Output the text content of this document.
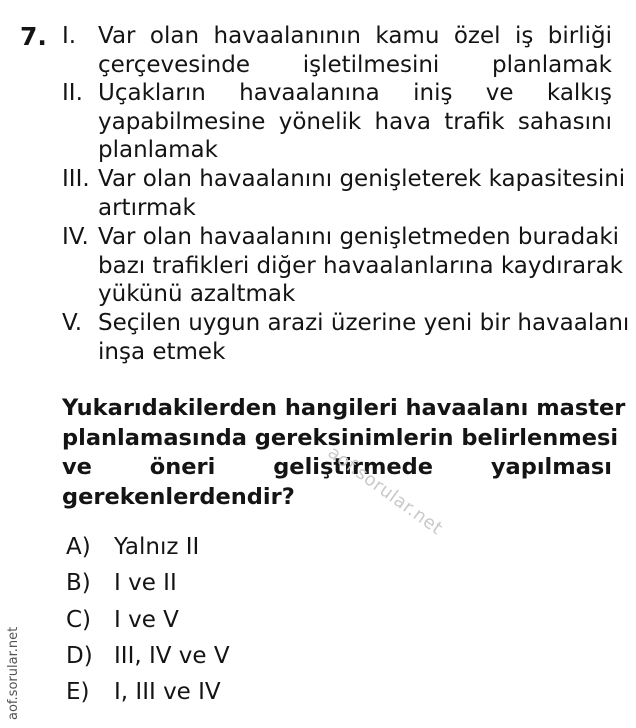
7. I. Var olan havaalanının kamu özel iş birliği
çerçevesinde işletilmesini planlamak
II. Uçakların havaalanına iniş ve kalkış
yapabilmesine yönelik hava trafik sahasını
planlamak
III. Var olan havaalanını genişleterek kapasitesini
artırmak
IV. Var olan havaalanını genişletmeden buradaki
bazı trafikleri diğer havaalanlarına kaydırarak
yükünü azaltmak
V. Seçilen uygun arazi üzerine yeni bir havaalanı
inşa etmek
Yukarıdakilerden hangileri havaalanı master
planlamasında gereksinimlerin belirlenmesi
ve öneri geliştirmede yapılması
gerekenlerdendir?
A) Yalnız II
B) I ve II
C) I ve V
D) III, IV ve V
E) I, III ve IV
aof.sorular.net
aof.sorular.net
